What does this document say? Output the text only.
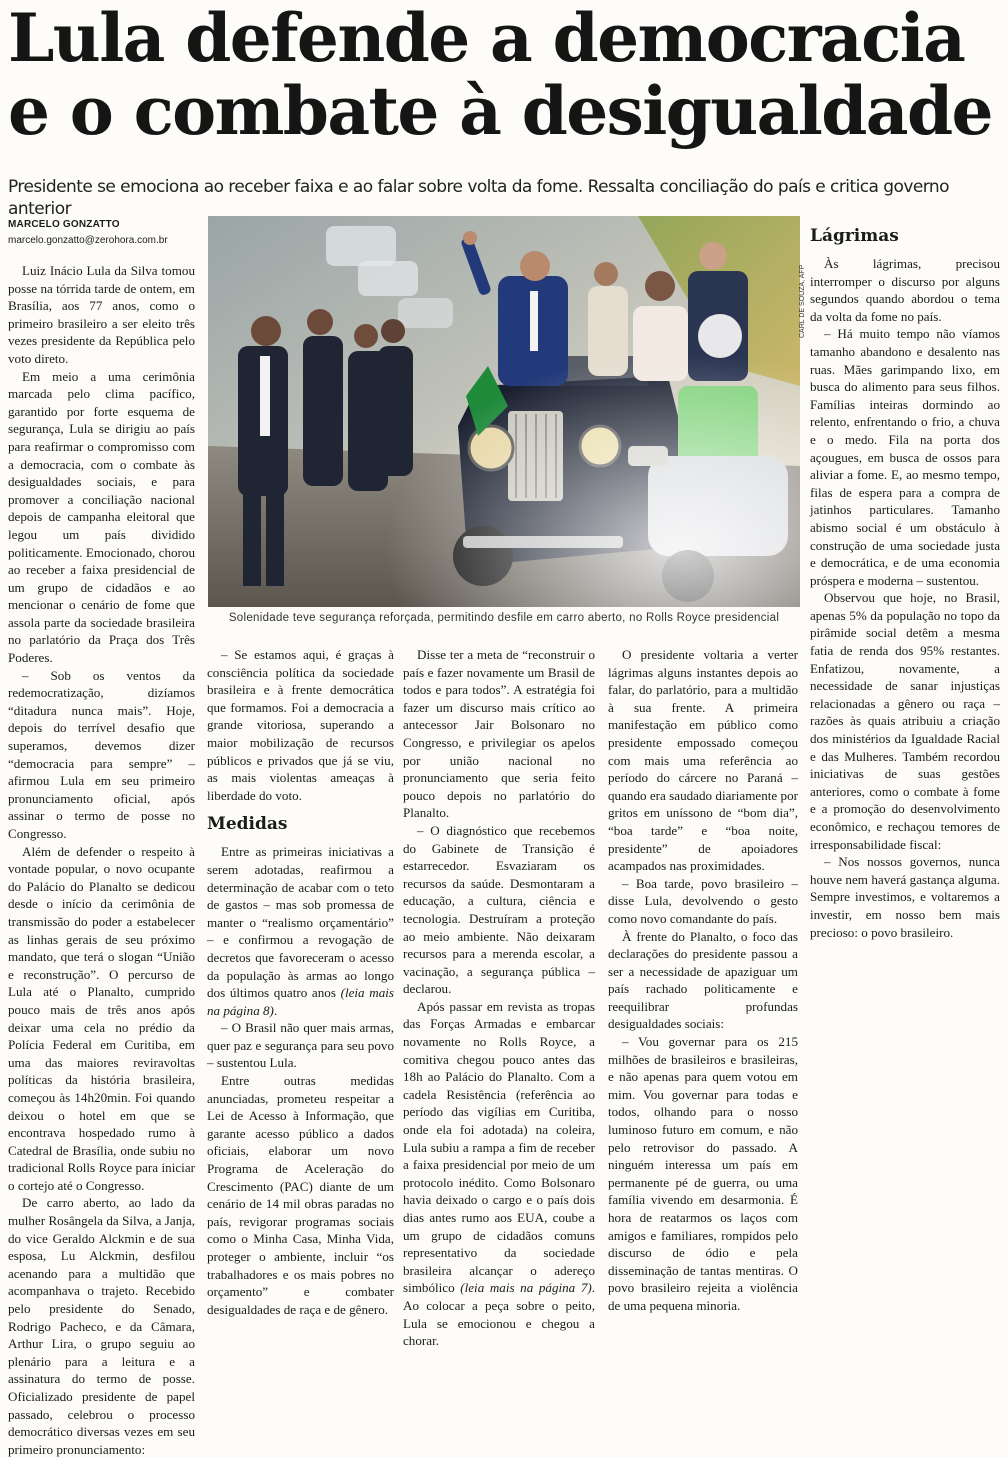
Lula defende a democracia
e o combate à desigualdade

Presidente se emociona ao receber faixa e ao falar sobre volta da fome. Ressalta conciliação do país e critica governo anterior

MARCELO GONZATTO
marcelo.gonzatto@zerohora.com.br
CARL DE SOUZA, AFP
Solenidade teve segurança reforçada, permitindo desfile em carro aberto, no Rolls Royce presidencial

Luiz Inácio Lula da Silva tomou posse na tórrida tarde de ontem, em Brasília, aos 77 anos, como o primeiro brasileiro a ser eleito três vezes presidente da República pelo voto direto.

Em meio a uma cerimônia marcada pelo clima pacífico, garantido por forte esquema de segurança, Lula se dirigiu ao país para reafirmar o compromisso com a democracia, com o combate às desigualdades sociais, e para promover a conciliação nacional depois de campanha eleitoral que legou um país dividido politicamente. Emocionado, chorou ao receber a faixa presidencial de um grupo de cidadãos e ao mencionar o cenário de fome que assola parte da sociedade brasileira no parlatório da Praça dos Três Poderes.

– Sob os ventos da redemocratização, dizíamos “ditadura nunca mais”. Hoje, depois do terrível desafio que superamos, devemos dizer “democracia para sempre” – afirmou Lula em seu primeiro pronunciamento oficial, após assinar o termo de posse no Congresso.

Além de defender o respeito à vontade popular, o novo ocupante do Palácio do Planalto se dedicou desde o início da cerimônia de transmissão do poder a estabelecer as linhas gerais de seu próximo mandato, que terá o slogan “União e reconstrução”. O percurso de Lula até o Planalto, cumprido pouco mais de três anos após deixar uma cela no prédio da Polícia Federal em Curitiba, em uma das maiores reviravoltas políticas da história brasileira, começou às 14h20min. Foi quando deixou o hotel em que se encontrava hospedado rumo à Catedral de Brasília, onde subiu no tradicional Rolls Royce para iniciar o cortejo até o Congresso.

De carro aberto, ao lado da mulher Rosângela da Silva, a Janja, do vice Geraldo Alckmin e de sua esposa, Lu Alckmin, desfilou acenando para a multidão que acompanhava o trajeto. Recebido pelo presidente do Senado, Rodrigo Pacheco, e da Câmara, Arthur Lira, o grupo seguiu ao plenário para a leitura e a assinatura do termo de posse. Oficializado presidente de papel passado, celebrou o processo democrático diversas vezes em seu primeiro pronunciamento:

– Se estamos aqui, é graças à consciência política da sociedade brasileira e à frente democrática que formamos. Foi a democracia a grande vitoriosa, superando a maior mobilização de recursos públicos e privados que já se viu, as mais violentas ameaças à liberdade do voto.

Medidas

Entre as primeiras iniciativas a serem adotadas, reafirmou a determinação de acabar com o teto de gastos – mas sob promessa de manter o “realismo orçamentário” – e confirmou a revogação de decretos que favoreceram o acesso da população às armas ao longo dos últimos quatro anos (leia mais na página 8).

– O Brasil não quer mais armas, quer paz e segurança para seu povo – sustentou Lula.

Entre outras medidas anunciadas, prometeu respeitar a Lei de Acesso à Informação, que garante acesso público a dados oficiais, elaborar um novo Programa de Aceleração do Crescimento (PAC) diante de um cenário de 14 mil obras paradas no país, revigorar programas sociais como o Minha Casa, Minha Vida, proteger o ambiente, incluir “os trabalhadores e os mais pobres no orçamento” e combater desigualdades de raça e de gênero.

Disse ter a meta de “reconstruir o país e fazer novamente um Brasil de todos e para todos”. A estratégia foi fazer um discurso mais crítico ao antecessor Jair Bolsonaro no Congresso, e privilegiar os apelos por união nacional no pronunciamento que seria feito pouco depois no parlatório do Planalto.

– O diagnóstico que recebemos do Gabinete de Transição é estarrecedor. Esvaziaram os recursos da saúde. Desmontaram a educação, a cultura, ciência e tecnologia. Destruíram a proteção ao meio ambiente. Não deixaram recursos para a merenda escolar, a vacinação, a segurança pública – declarou.

Após passar em revista as tropas das Forças Armadas e embarcar novamente no Rolls Royce, a comitiva chegou pouco antes das 18h ao Palácio do Planalto. Com a cadela Resistência (referência ao período das vigílias em Curitiba, onde ela foi adotada) na coleira, Lula subiu a rampa a fim de receber a faixa presidencial por meio de um protocolo inédito. Como Bolsonaro havia deixado o cargo e o país dois dias antes rumo aos EUA, coube a um grupo de cidadãos comuns representativo da sociedade brasileira alcançar o adereço simbólico (leia mais na página 7). Ao colocar a peça sobre o peito, Lula se emocionou e chegou a chorar.

O presidente voltaria a verter lágrimas alguns instantes depois ao falar, do parlatório, para a multidão à sua frente. A primeira manifestação em público como presidente empossado começou com mais uma referência ao período do cárcere no Paraná – quando era saudado diariamente por gritos em uníssono de “bom dia”, “boa tarde” e “boa noite, presidente” de apoiadores acampados nas proximidades.

– Boa tarde, povo brasileiro – disse Lula, devolvendo o gesto como novo comandante do país.

À frente do Planalto, o foco das declarações do presidente passou a ser a necessidade de apaziguar um país rachado politicamente e reequilibrar profundas desigualdades sociais:

– Vou governar para os 215 milhões de brasileiros e brasileiras, e não apenas para quem votou em mim. Vou governar para todas e todos, olhando para o nosso luminoso futuro em comum, e não pelo retrovisor do passado. A ninguém interessa um país em permanente pé de guerra, ou uma família vivendo em desarmonia. É hora de reatarmos os laços com amigos e familiares, rompidos pelo discurso de ódio e pela disseminação de tantas mentiras. O povo brasileiro rejeita a violência de uma pequena minoria.

Lágrimas

Às lágrimas, precisou interromper o discurso por alguns segundos quando abordou o tema da volta da fome no país.

– Há muito tempo não víamos tamanho abandono e desalento nas ruas. Mães garimpando lixo, em busca do alimento para seus filhos. Famílias inteiras dormindo ao relento, enfrentando o frio, a chuva e o medo. Fila na porta dos açougues, em busca de ossos para aliviar a fome. E, ao mesmo tempo, filas de espera para a compra de jatinhos particulares. Tamanho abismo social é um obstáculo à construção de uma sociedade justa e democrática, e de uma economia próspera e moderna – sustentou.

Observou que hoje, no Brasil, apenas 5% da população no topo da pirâmide social detêm a mesma fatia de renda dos 95% restantes. Enfatizou, novamente, a necessidade de sanar injustiças relacionadas a gênero ou raça – razões às quais atribuiu a criação dos ministérios da Igualdade Racial e das Mulheres. Também recordou iniciativas de suas gestões anteriores, como o combate à fome e a promoção do desenvolvimento econômico, e rechaçou temores de irresponsabilidade fiscal:

– Nos nossos governos, nunca houve nem haverá gastança alguma. Sempre investimos, e voltaremos a investir, em nosso bem mais precioso: o povo brasileiro.
